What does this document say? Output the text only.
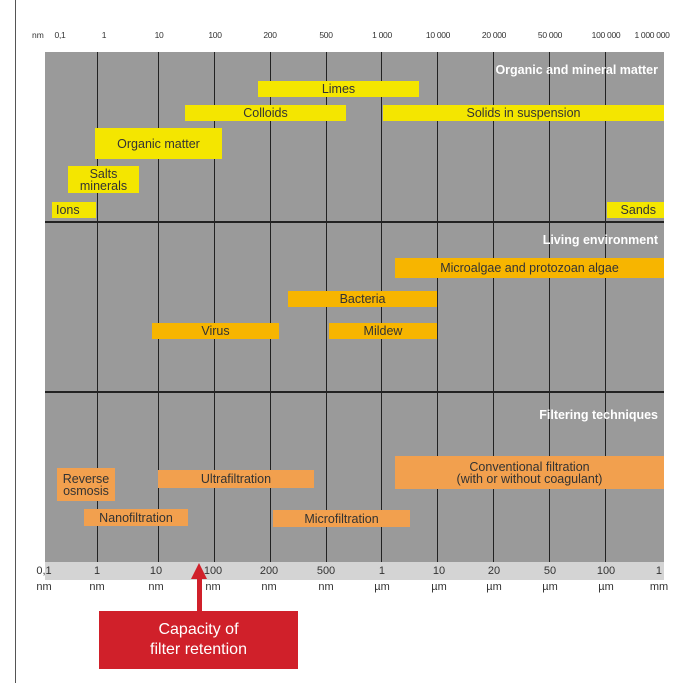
nm 0,1	1	10	100	200	500	1 000	10 000	20 000	50 000	100 000 1 000 000
Organic and mineral matter
Living environment
Filtering techniques
Limes
Colloids	Solids in suspension
Organic matter
Salts
minerals
Ions	Sands
Microalgae and protozoan algae
Bacteria
Virus	Mildew
Conventional filtration
(with or without coagulant)
Reverse
osmosis
Ultrafiltration
Nanofiltration	Microfiltration
0,1
nm
1
nm
10
nm
100
nm
200
nm
500
nm
1
µm
10
µm
20
µm
50
µm
100
µm
1
mm
Capacity of
filter retention
